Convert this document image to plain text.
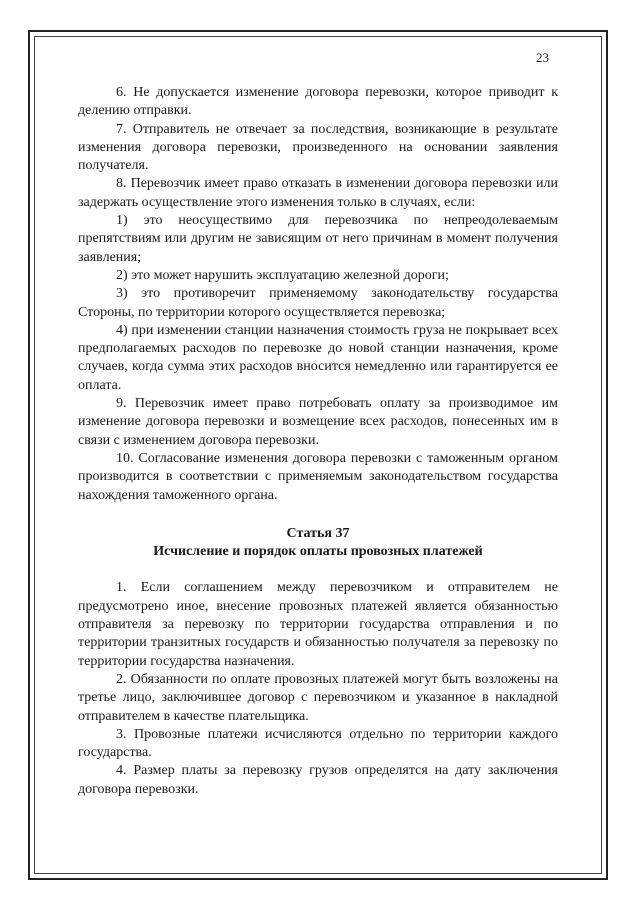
23

6. Не допускается изменение договора перевозки, которое приводит к делению отправки.

7. Отправитель не отвечает за последствия, возникающие в результате изменения договора перевозки, произведенного на основании заявления получателя.

8. Перевозчик имеет право отказать в изменении договора перевозки или задержать осуществление этого изменения только в случаях, если:

1) это неосуществимо для перевозчика по непреодолеваемым препятствиям или другим не зависящим от него причинам в момент получения заявления;

2) это может нарушить эксплуатацию железной дороги;

3) это противоречит применяемому законодательству государства Стороны, по территории которого осуществляется перевозка;

4) при изменении станции назначения стоимость груза не покрывает всех предполагаемых расходов по перевозке до новой станции назначения, кроме случаев, когда сумма этих расходов вносится немедленно или гарантируется ее оплата.

9. Перевозчик имеет право потребовать оплату за производимое им изменение договора перевозки и возмещение всех расходов, понесенных им в связи с изменением договора перевозки.

10. Согласование изменения договора перевозки с таможенным органом производится в соответствии с применяемым законодательством государства нахождения таможенного органа.

Статья 37
Исчисление и порядок оплаты провозных платежей

1. Если соглашением между перевозчиком и отправителем не предусмотрено иное, внесение провозных платежей является обязанностью отправителя за перевозку по территории государства отправления и по территории транзитных государств и обязанностью получателя за перевозку по территории государства назначения.

2. Обязанности по оплате провозных платежей могут быть возложены на третье лицо, заключившее договор с перевозчиком и указанное в накладной отправителем в качестве плательщика.

3. Провозные платежи исчисляются отдельно по территории каждого государства.

4. Размер платы за перевозку грузов определятся на дату заключения договора перевозки.
